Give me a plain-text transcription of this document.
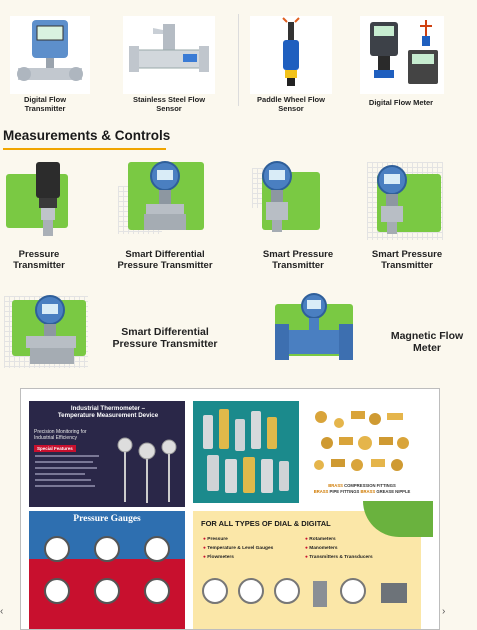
Digital Flow Transmitter
Stainless Steel Flow Sensor
Paddle Wheel Flow Sensor
Digital Flow Meter
Measurements & Controls
Pressure Transmitter
Smart Differential Pressure Transmitter
Smart Pressure Transmitter
Smart Pressure Transmitter
Smart Differential Pressure Transmitter
Magnetic Flow Meter
Industrial Thermometer –
Temperature Measurement Device
Precision Monitoring for
Industrial Efficiency
Special Features
BRASS COMPRESSION FITTINGS
BRASS PIPE FITTINGS BRASS GREASE NIPPLE
Pressure Gauges	FOR ALL TYPES OF DIAL & DIGITAL
● Pressure
● Temperature & Level Gauges
● Flowmeters
● Rotameters
● Manometers
● Transmitters & Transducers
‹	›
